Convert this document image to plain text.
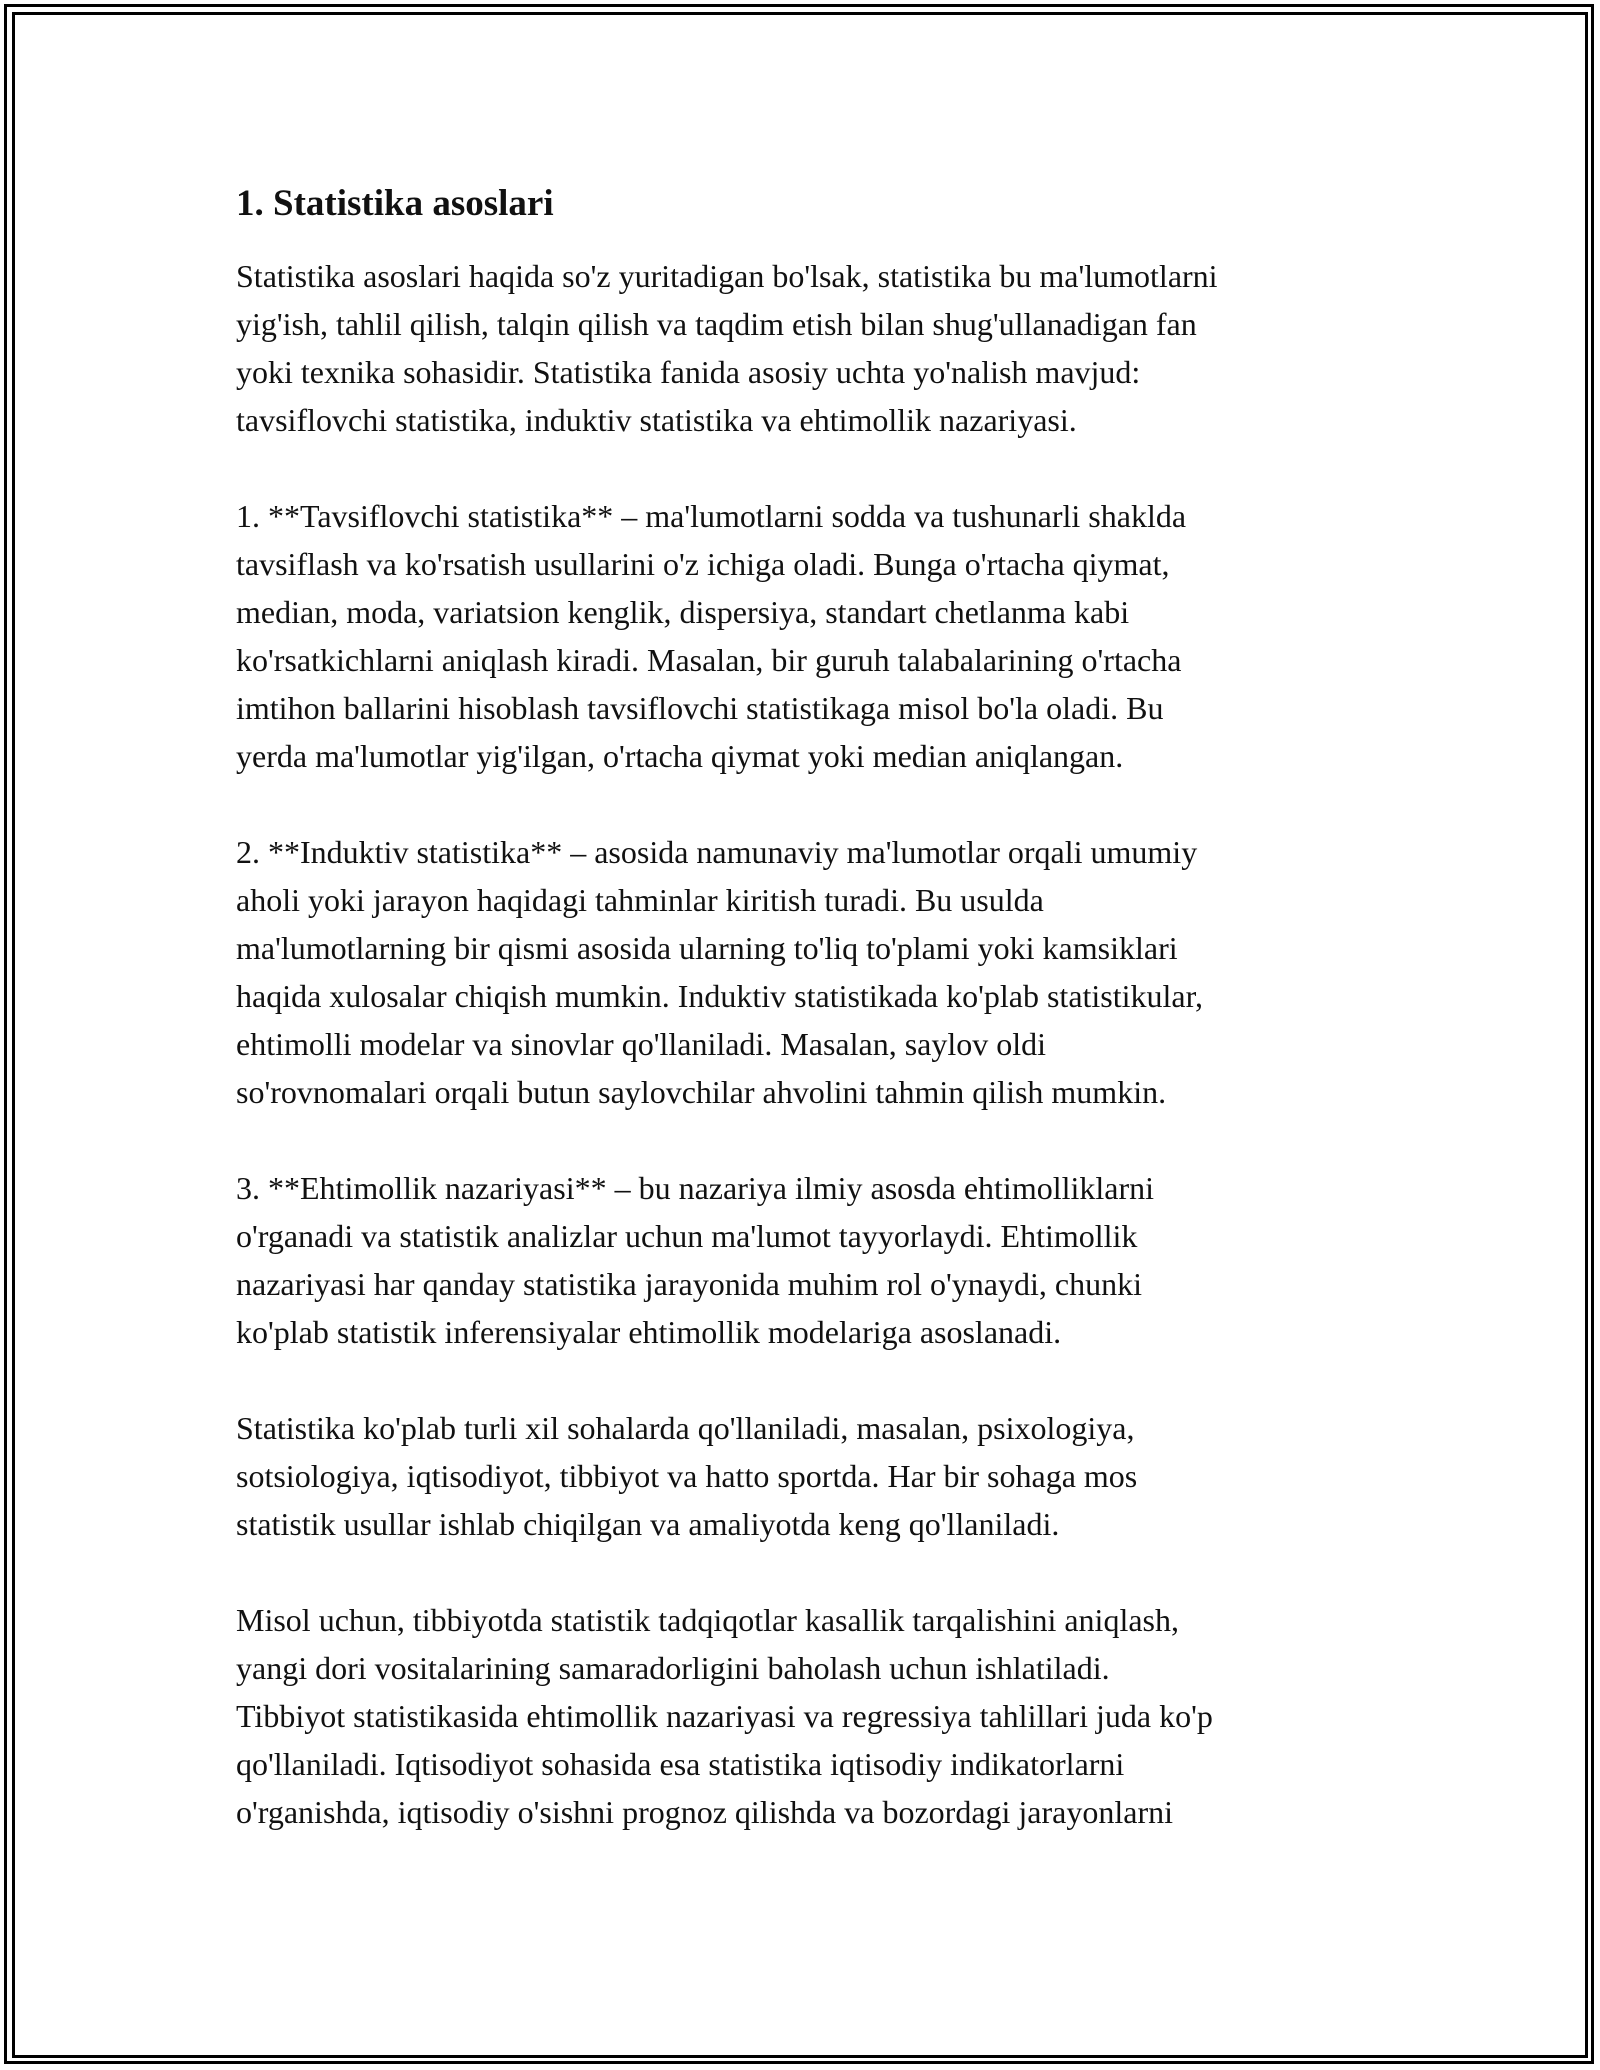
1. Statistika asoslari

Statistika asoslari haqida so'z yuritadigan bo'lsak, statistika bu ma'lumotlarni
yig'ish, tahlil qilish, talqin qilish va taqdim etish bilan shug'ullanadigan fan
yoki texnika sohasidir. Statistika fanida asosiy uchta yo'nalish mavjud:
tavsiflovchi statistika, induktiv statistika va ehtimollik nazariyasi.

1. **Tavsiflovchi statistika** – ma'lumotlarni sodda va tushunarli shaklda
tavsiflash va ko'rsatish usullarini o'z ichiga oladi. Bunga o'rtacha qiymat,
median, moda, variatsion kenglik, dispersiya, standart chetlanma kabi
ko'rsatkichlarni aniqlash kiradi. Masalan, bir guruh talabalarining o'rtacha
imtihon ballarini hisoblash tavsiflovchi statistikaga misol bo'la oladi. Bu
yerda ma'lumotlar yig'ilgan, o'rtacha qiymat yoki median aniqlangan.

2. **Induktiv statistika** – asosida namunaviy ma'lumotlar orqali umumiy
aholi yoki jarayon haqidagi tahminlar kiritish turadi. Bu usulda
ma'lumotlarning bir qismi asosida ularning to'liq to'plami yoki kamsiklari
haqida xulosalar chiqish mumkin. Induktiv statistikada ko'plab statistikular,
ehtimolli modelar va sinovlar qo'llaniladi. Masalan, saylov oldi
so'rovnomalari orqali butun saylovchilar ahvolini tahmin qilish mumkin.

3. **Ehtimollik nazariyasi** – bu nazariya ilmiy asosda ehtimolliklarni
o'rganadi va statistik analizlar uchun ma'lumot tayyorlaydi. Ehtimollik
nazariyasi har qanday statistika jarayonida muhim rol o'ynaydi, chunki
ko'plab statistik inferensiyalar ehtimollik modelariga asoslanadi.

Statistika ko'plab turli xil sohalarda qo'llaniladi, masalan, psixologiya,
sotsiologiya, iqtisodiyot, tibbiyot va hatto sportda. Har bir sohaga mos
statistik usullar ishlab chiqilgan va amaliyotda keng qo'llaniladi.

Misol uchun, tibbiyotda statistik tadqiqotlar kasallik tarqalishini aniqlash,
yangi dori vositalarining samaradorligini baholash uchun ishlatiladi.
Tibbiyot statistikasida ehtimollik nazariyasi va regressiya tahlillari juda ko'p
qo'llaniladi. Iqtisodiyot sohasida esa statistika iqtisodiy indikatorlarni
o'rganishda, iqtisodiy o'sishni prognoz qilishda va bozordagi jarayonlarni
